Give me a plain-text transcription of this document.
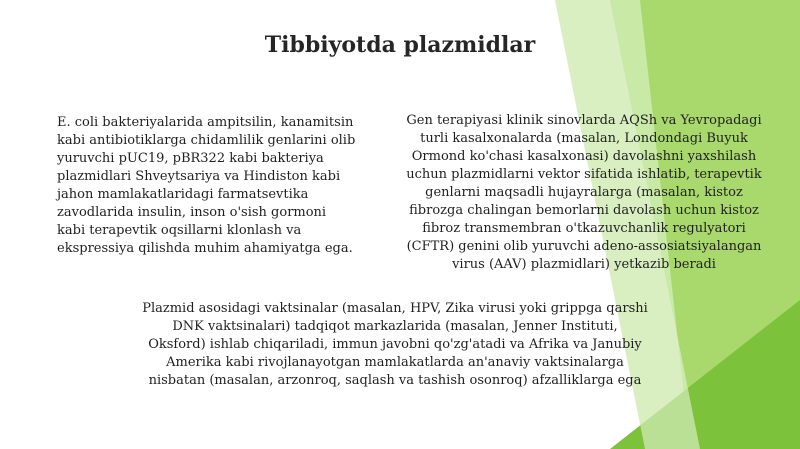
Tibbiyotda plazmidlar

E. coli bakteriyalarida ampitsilin, kanamitsin kabi antibiotiklarga chidamlilik genlarini olib yuruvchi pUC19, pBR322 kabi bakteriya plazmidlari Shveytsariya va Hindiston kabi jahon mamlakatlaridagi farmatsevtika zavodlarida insulin, inson o'sish gormoni kabi terapevtik oqsillarni klonlash va ekspressiya qilishda muhim ahamiyatga ega.

Gen terapiyasi klinik sinovlarda AQSh va Yevropadagi turli kasalxonalarda (masalan, Londondagi Buyuk Ormond ko'chasi kasalxonasi) davolashni yaxshilash uchun plazmidlarni vektor sifatida ishlatib, terapevtik genlarni maqsadli hujayralarga (masalan, kistoz fibrozga chalingan bemorlarni davolash uchun kistoz fibroz transmembran o'tkazuvchanlik regulyatori (CFTR) genini olib yuruvchi adeno-assosiatsiyalangan virus (AAV) plazmidlari) yetkazib beradi

Plazmid asosidagi vaktsinalar (masalan, HPV, Zika virusi yoki grippga qarshi DNK vaktsinalari) tadqiqot markazlarida (masalan, Jenner Instituti, Oksford) ishlab chiqariladi, immun javobni qo'zg'atadi va Afrika va Janubiy Amerika kabi rivojlanayotgan mamlakatlarda an'anaviy vaktsinalarga nisbatan (masalan, arzonroq, saqlash va tashish osonroq) afzalliklarga ega
